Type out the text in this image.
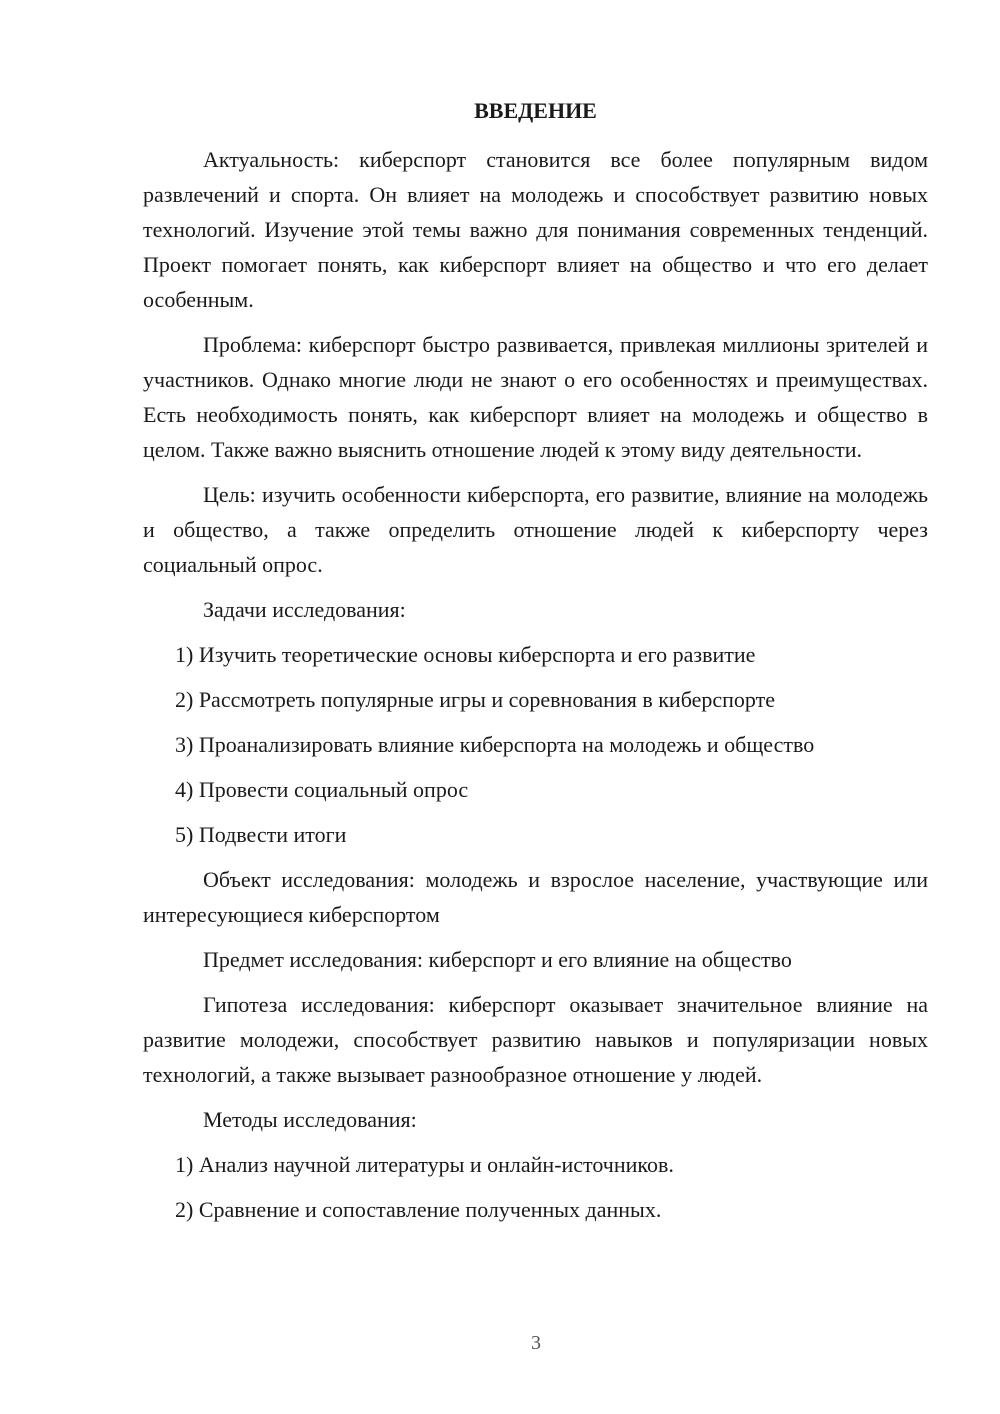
ВВЕДЕНИЕ

Актуальность: киберспорт становится все более популярным видом развлечений и спорта. Он влияет на молодежь и способствует развитию новых технологий. Изучение этой темы важно для понимания современных тенденций. Проект помогает понять, как киберспорт влияет на общество и что его делает особенным.

Проблема: киберспорт быстро развивается, привлекая миллионы зрителей и участников. Однако многие люди не знают о его особенностях и преимуществах. Есть необходимость понять, как киберспорт влияет на молодежь и общество в целом. Также важно выяснить отношение людей к этому виду деятельности.

Цель: изучить особенности киберспорта, его развитие, влияние на молодежь и общество, а также определить отношение людей к киберспорту через социальный опрос.

Задачи исследования:
1) Изучить теоретические основы киберспорта и его развитие
2) Рассмотреть популярные игры и соревнования в киберспорте
3) Проанализировать влияние киберспорта на молодежь и общество
4) Провести социальный опрос
5) Подвести итоги

Объект исследования: молодежь и взрослое население, участвующие или интересующиеся киберспортом

Предмет исследования: киберспорт и его влияние на общество

Гипотеза исследования: киберспорт оказывает значительное влияние на развитие молодежи, способствует развитию навыков и популяризации новых технологий, а также вызывает разнообразное отношение у людей.

Методы исследования:
1) Анализ научной литературы и онлайн-источников.
2) Сравнение и сопоставление полученных данных.
3
